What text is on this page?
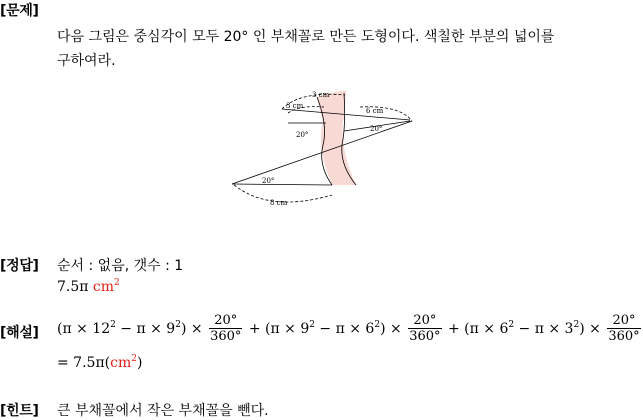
[문제]
다음 그림은 중심각이 모두 20° 인 부채꼴로 만든 도형이다. 색칠한 부분의 넓이를
구하여라.
3 cm
3 cm
6 cm
8 cm
20°
20°
20°
[정답] 순서 : 없음, 갯수 : 1
7.5π $cm^2$
[해설] $(\pi \times 12^2 - \pi \times 9^2) \times \frac{20^\circ}{360^\circ} + (\pi \times 9^2 - \pi \times 6^2) \times \frac{20^\circ}{360^\circ} + (\pi \times 6^2 - \pi \times 3^2) \times \frac{20^\circ}{360^\circ}$
= $7.5\pi(cm^2)$
[힌트] 큰 부채꼴에서 작은 부채꼴을 뺀다.
